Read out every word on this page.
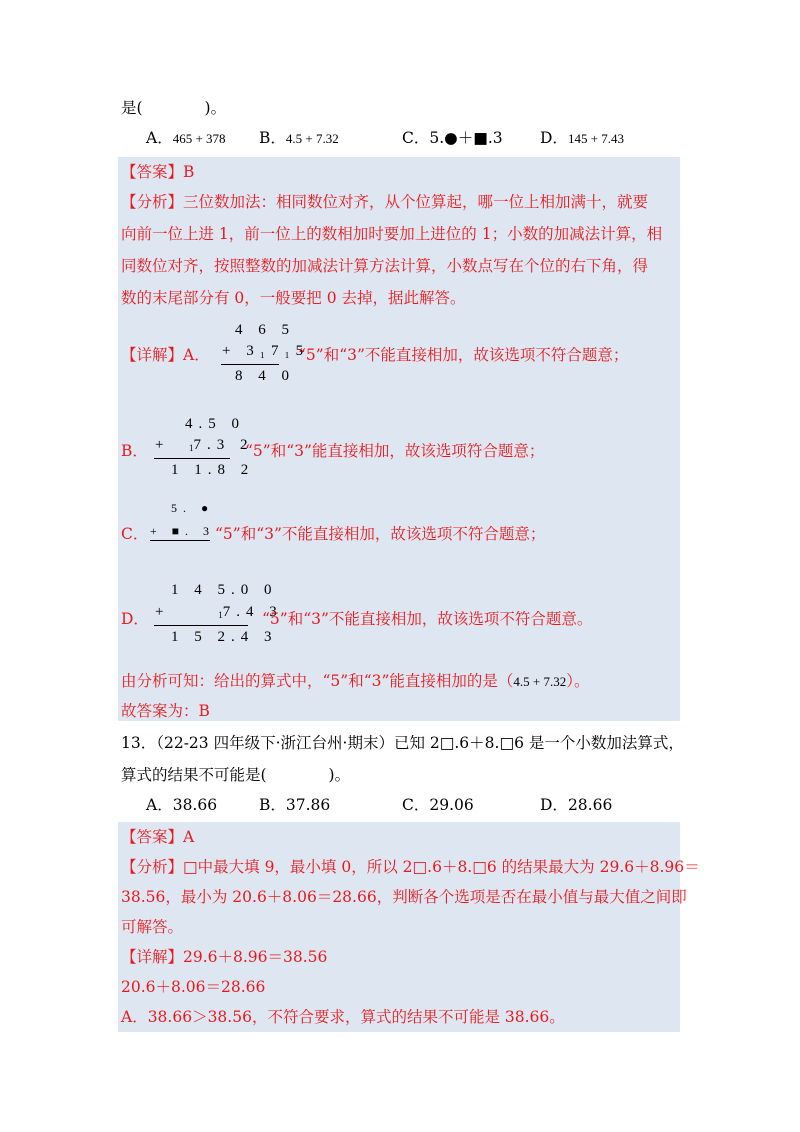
是(　　　　)。
A．465 + 378 B．4.5 + 7.32	C．5.●＋■.3 D．145 + 7.43
【答案】B
【分析】三位数加法：相同数位对齐，从个位算起，哪一位上相加满十，就要
向前一位上进 1，前一位上的数相加时要加上进位的 1；小数的加减法计算，相
同数位对齐，按照整数的加减法计算方法计算，小数点写在个位的右下角，得
数的末尾部分有 0，一般要把 0 去掉，据此解答。
【详解】A．
4 6 5
+ 3₁7₁5
8 4 0
“5”和“3”不能直接相加，故该选项不符合题意；
B．
4.5 0
+ $_1$7.3 2
1 1.8 2
“5”和“3”能直接相加，故该选项符合题意；
C．
5. ●
+ ■. 3 “5”和“3”不能直接相加，故该选项不符合题意；
D．
1 4 5.0 0
+	$_1$7.4 3
1 5 2.4 3
“5”和“3”不能直接相加，故该选项不符合题意。
由分析可知：给出的算式中，“5”和“3”能直接相加的是（4.5 + 7.32）。
故答案为：B
13．（22-23 四年级下·浙江台州·期末）已知 2□.6＋8.□6 是一个小数加法算式，
算式的结果不可能是(　　　　)。
A．38.66	B．37.86	C．29.06	D．28.66
【答案】A
【分析】□中最大填 9，最小填 0，所以 2□.6＋8.□6 的结果最大为 29.6＋8.96＝
38.56，最小为 20.6＋8.06＝28.66，判断各个选项是否在最小值与最大值之间即
可解答。
【详解】29.6＋8.96＝38.56
20.6＋8.06＝28.66
A．38.66＞38.56，不符合要求，算式的结果不可能是 38.66。
